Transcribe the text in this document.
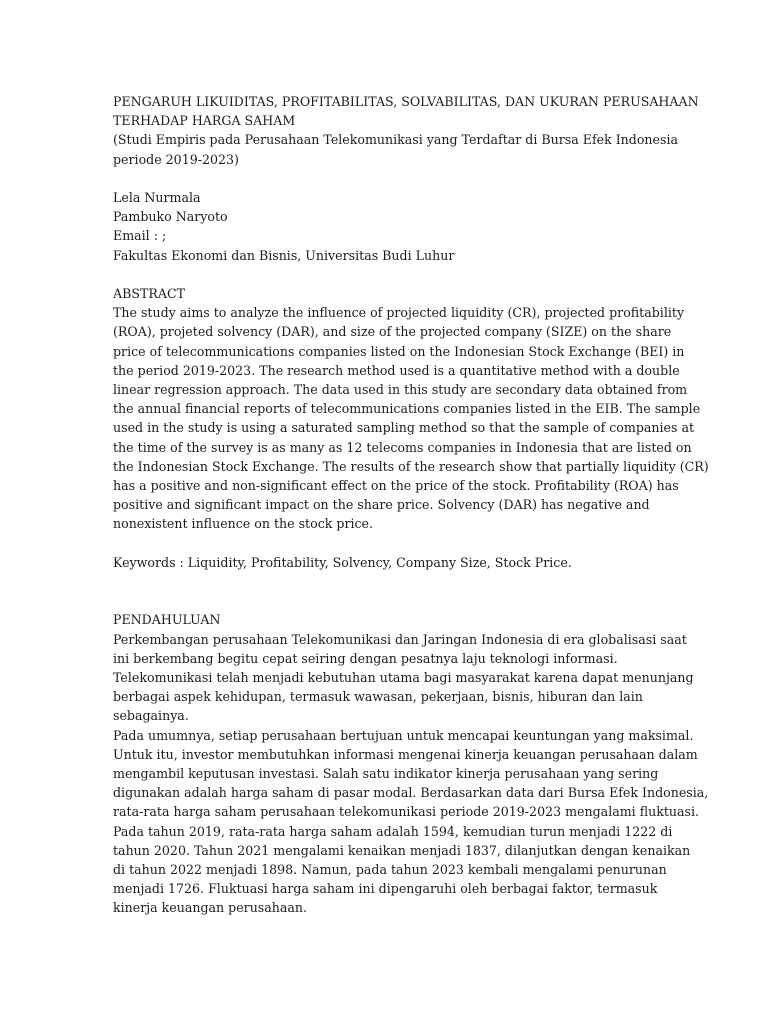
PENGARUH LIKUIDITAS, PROFITABILITAS, SOLVABILITAS, DAN UKURAN PERUSAHAAN

TERHADAP HARGA SAHAM

(Studi Empiris pada Perusahaan Telekomunikasi yang Terdaftar di Bursa Efek Indonesia

periode 2019-2023)

Lela Nurmala

Pambuko Naryoto

Email : ;

Fakultas Ekonomi dan Bisnis, Universitas Budi Luhur

ABSTRACT

The study aims to analyze the influence of projected liquidity (CR), projected profitability

(ROA), projeted solvency (DAR), and size of the projected company (SIZE) on the share

price of telecommunications companies listed on the Indonesian Stock Exchange (BEI) in

the period 2019-2023. The research method used is a quantitative method with a double

linear regression approach. The data used in this study are secondary data obtained from

the annual financial reports of telecommunications companies listed in the EIB. The sample

used in the study is using a saturated sampling method so that the sample of companies at

the time of the survey is as many as 12 telecoms companies in Indonesia that are listed on

the Indonesian Stock Exchange. The results of the research show that partially liquidity (CR)

has a positive and non-significant effect on the price of the stock. Profitability (ROA) has

positive and significant impact on the share price. Solvency (DAR) has negative and

nonexistent influence on the stock price.

Keywords : Liquidity, Profitability, Solvency, Company Size, Stock Price.

PENDAHULUAN

Perkembangan perusahaan Telekomunikasi dan Jaringan Indonesia di era globalisasi saat

ini berkembang begitu cepat seiring dengan pesatnya laju teknologi informasi.

Telekomunikasi telah menjadi kebutuhan utama bagi masyarakat karena dapat menunjang

berbagai aspek kehidupan, termasuk wawasan, pekerjaan, bisnis, hiburan dan lain

sebagainya.

Pada umumnya, setiap perusahaan bertujuan untuk mencapai keuntungan yang maksimal.

Untuk itu, investor membutuhkan informasi mengenai kinerja keuangan perusahaan dalam

mengambil keputusan investasi. Salah satu indikator kinerja perusahaan yang sering

digunakan adalah harga saham di pasar modal. Berdasarkan data dari Bursa Efek Indonesia,

rata-rata harga saham perusahaan telekomunikasi periode 2019-2023 mengalami fluktuasi.

Pada tahun 2019, rata-rata harga saham adalah 1594, kemudian turun menjadi 1222 di

tahun 2020. Tahun 2021 mengalami kenaikan menjadi 1837, dilanjutkan dengan kenaikan

di tahun 2022 menjadi 1898. Namun, pada tahun 2023 kembali mengalami penurunan

menjadi 1726. Fluktuasi harga saham ini dipengaruhi oleh berbagai faktor, termasuk

kinerja keuangan perusahaan.
